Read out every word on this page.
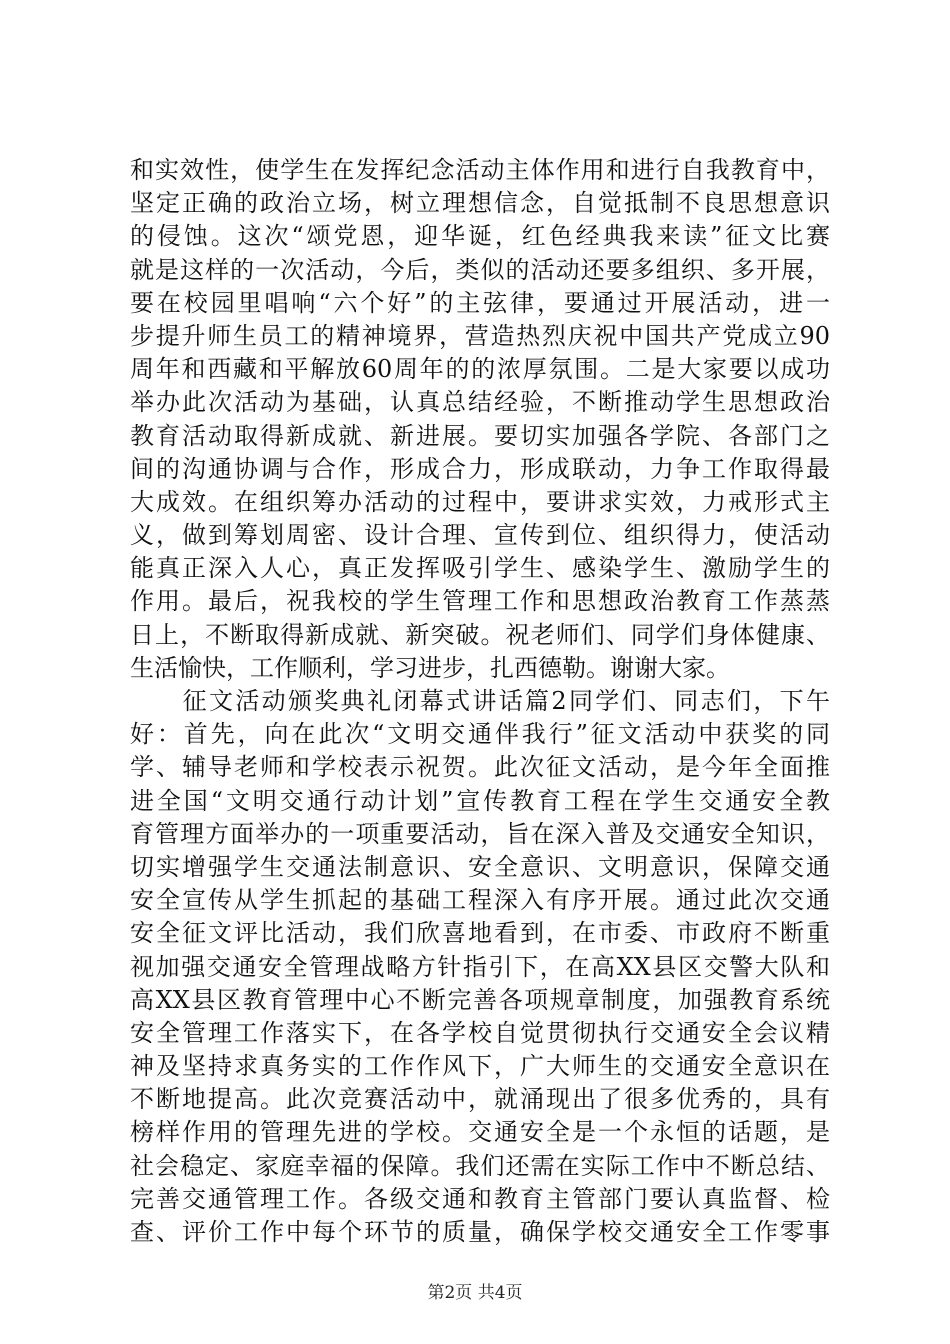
和实效性，使学生在发挥纪念活动主体作用和进行自我教育中，
坚定正确的政治立场，树立理想信念，自觉抵制不良思想意识
的侵蚀。这次“颂党恩，迎华诞，红色经典我来读”征文比赛
就是这样的一次活动，今后，类似的活动还要多组织、多开展，
要在校园里唱响“六个好”的主弦律，要通过开展活动，进一
步提升师生员工的精神境界，营造热烈庆祝中国共产党成立90
周年和西藏和平解放60周年的的浓厚氛围。二是大家要以成功
举办此次活动为基础，认真总结经验，不断推动学生思想政治
教育活动取得新成就、新进展。要切实加强各学院、各部门之
间的沟通协调与合作，形成合力，形成联动，力争工作取得最
大成效。在组织筹办活动的过程中，要讲求实效，力戒形式主
义，做到筹划周密、设计合理、宣传到位、组织得力，使活动
能真正深入人心，真正发挥吸引学生、感染学生、激励学生的
作用。最后，祝我校的学生管理工作和思想政治教育工作蒸蒸
日上，不断取得新成就、新突破。祝老师们、同学们身体健康、
生活愉快，工作顺利，学习进步，扎西德勒。谢谢大家。
　　征文活动颁奖典礼闭幕式讲话篇2同学们、同志们，下午
好：首先，向在此次“文明交通伴我行”征文活动中获奖的同
学、辅导老师和学校表示祝贺。此次征文活动，是今年全面推
进全国“文明交通行动计划”宣传教育工程在学生交通安全教
育管理方面举办的一项重要活动，旨在深入普及交通安全知识，
切实增强学生交通法制意识、安全意识、文明意识，保障交通
安全宣传从学生抓起的基础工程深入有序开展。通过此次交通
安全征文评比活动，我们欣喜地看到，在市委、市政府不断重
视加强交通安全管理战略方针指引下，在高XX县区交警大队和
高XX县区教育管理中心不断完善各项规章制度，加强教育系统
安全管理工作落实下，在各学校自觉贯彻执行交通安全会议精
神及坚持求真务实的工作作风下，广大师生的交通安全意识在
不断地提高。此次竞赛活动中，就涌现出了很多优秀的，具有
榜样作用的管理先进的学校。交通安全是一个永恒的话题，是
社会稳定、家庭幸福的保障。我们还需在实际工作中不断总结、
完善交通管理工作。各级交通和教育主管部门要认真监督、检
查、评价工作中每个环节的质量，确保学校交通安全工作零事
第2页 共4页
